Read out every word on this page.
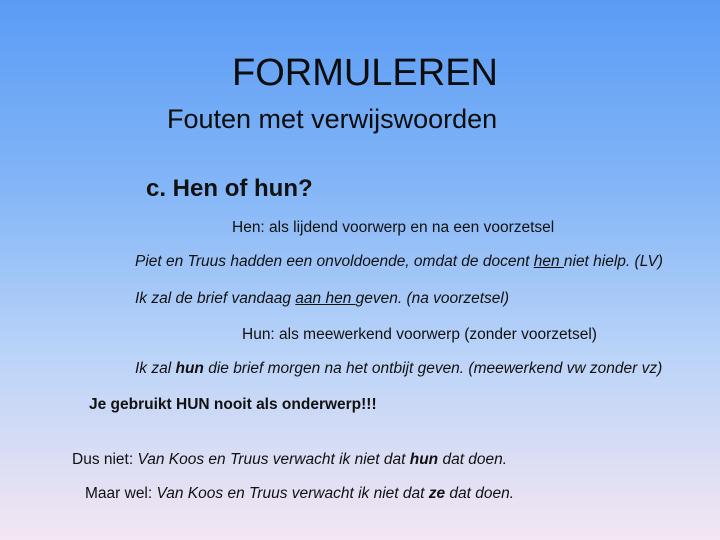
FORMULEREN
Fouten met verwijswoorden
c. Hen of hun?
Hen: als lijdend voorwerp en na een voorzetsel
Piet en Truus hadden een onvoldoende, omdat de docent hen niet hielp. (LV)
Ik zal de brief vandaag aan hen geven. (na voorzetsel)
Hun: als meewerkend voorwerp (zonder voorzetsel)
Ik zal hun die brief morgen na het ontbijt geven. (meewerkend vw zonder vz)
Je gebruikt HUN nooit als onderwerp!!!
Dus niet: Van Koos en Truus verwacht ik niet dat hun dat doen.
Maar wel: Van Koos en Truus verwacht ik niet dat ze dat doen.
